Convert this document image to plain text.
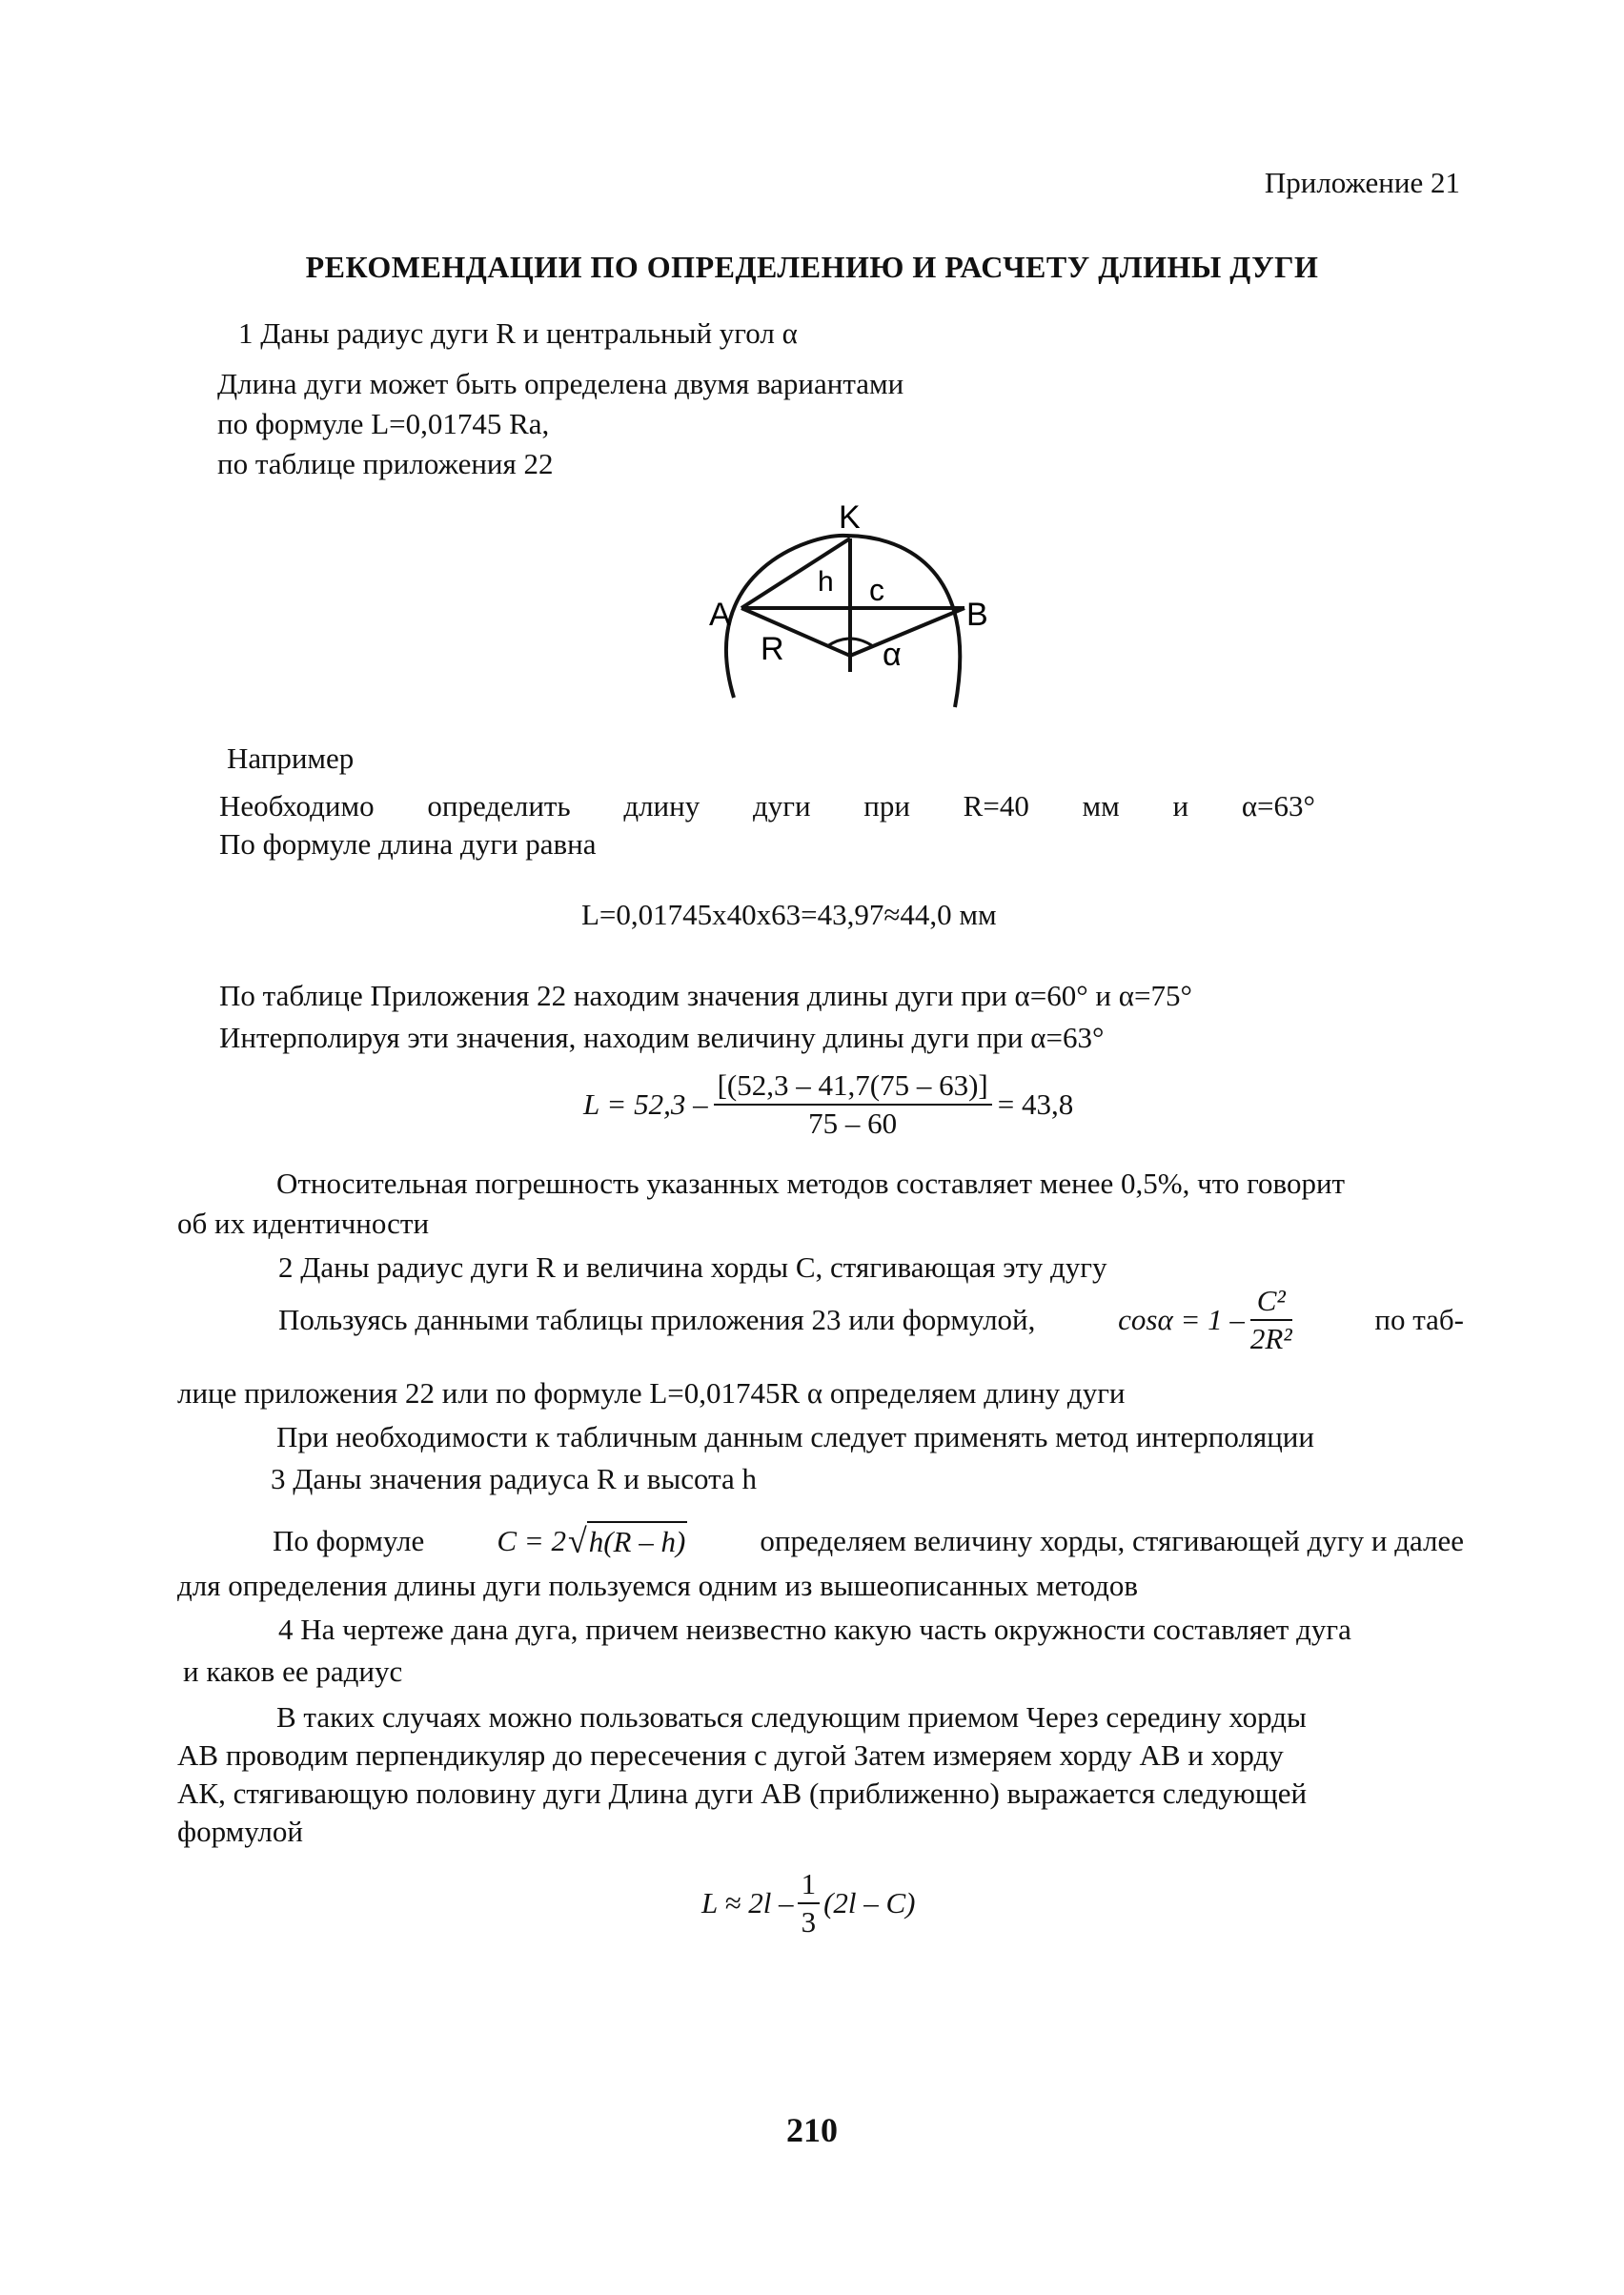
Приложение 21
РЕКОМЕНДАЦИИ ПО ОПРЕДЕЛЕНИЮ И РАСЧЕТУ ДЛИНЫ ДУГИ
1 Даны радиус дуги R и центральный угол α
Длина дуги может быть определена двумя вариантами
по формуле L=0,01745 Ra,
по таблице приложения 22
K
A	B
h c
R	α
Например
Необходимо определить длину дуги при R=40 мм и α=63°
По формуле длина дуги равна
L=0,01745х40х63=43,97≈44,0 мм
По таблице Приложения 22 находим значения длины дуги при α=60° и α=75°
Интерполируя эти значения, находим величину длины дуги при α=63°
$L = 52,3 - \frac{[(52,3 - 41,7(75 - 63)]}{75 - 60} = 43,8$
Относительная погрешность указанных методов составляет менее 0,5%, что говорит
об их идентичности
2 Даны радиус дуги R и величина хорды C, стягивающая эту дугу
Пользуясь данными таблицы приложения 23 или формулой,	$\cos\alpha = 1 - \frac{\text{C²}}{\text{2R²}}$	по таб-
лице приложения 22 или по формуле L=0,01745R α определяем длину дуги
При необходимости к табличным данным следует применять метод интерполяции
3 Даны значения радиуса R и высота h
По формуле C = 2 √ h(R – h)	определяем величину хорды, стягивающей дугу и далее
для определения длины дуги пользуемся одним из вышеописанных методов
4 На чертеже дана дуга, причем неизвестно какую часть окружности составляет дуга
и каков ее радиус
В таких случаях можно пользоваться следующим приемом Через середину хорды
АВ проводим перпендикуляр до пересечения с дугой Затем измеряем хорду АВ и хорду
АК, стягивающую половину дуги Длина дуги АВ (приближенно) выражается следующей
формулой
$L \approx 2l - \frac{1}{3} (2l - C)$
210
